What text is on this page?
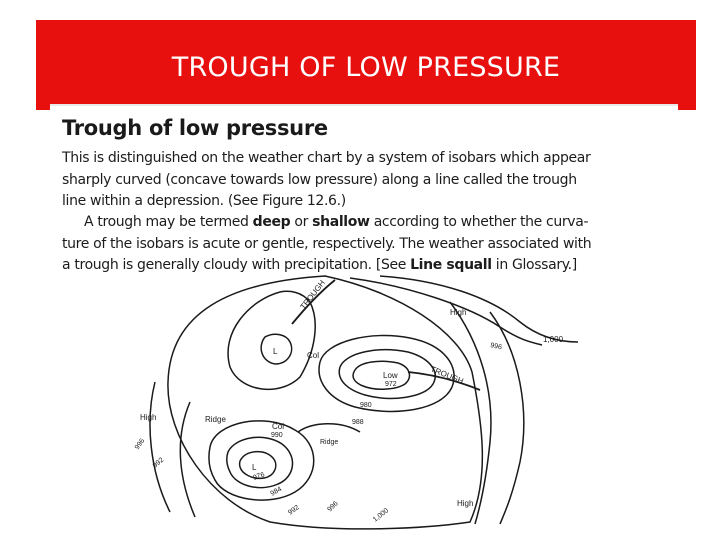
TROUGH OF LOW PRESSURE
Trough of low pressure
This is distinguished on the weather chart by a system of isobars which appear
sharply curved (concave towards low pressure) along a line called the trough
line within a depression. (See Figure 12.6.)
A trough may be termed deep or shallow according to whether the curva-
ture of the isobars is acute or gentle, respectively. The weather associated with
a trough is generally cloudy with precipitation. [See Line squall in Glossary.]
TROUGH
TROUGH
High
1,000
996
L	Col
Low
972
980
988
High	Ridge
Col
990
Ridge
996
992	L
976
984
992	996
1,000
High
